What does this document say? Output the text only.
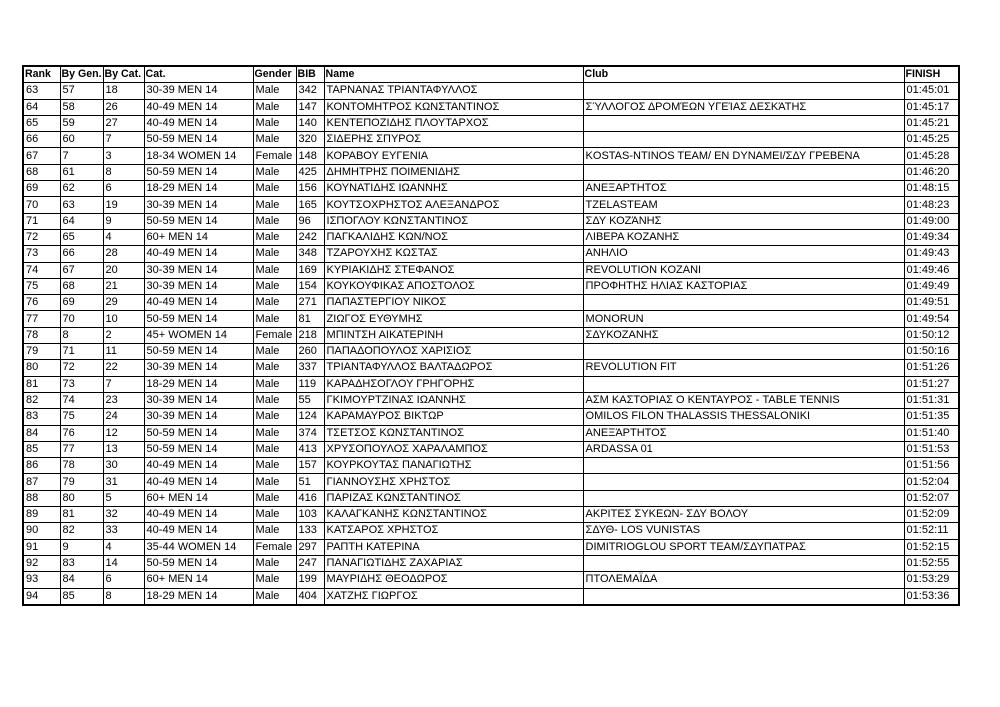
Rank	By Gen.	By Cat.	Cat.	Gender	BIB	Name	Club	FINISH
63	57	18	30-39 MEN 14	Male	342	ΤΑΡΝΑΝΑΣ ΤΡΙΑΝΤΑΦΥΛΛΟΣ		01:45:01
64	58	26	40-49 MEN 14	Male	147	ΚΟΝΤΟΜΗΤΡΟΣ ΚΩΝΣΤΑΝΤΙΝΟΣ	ΣΎΛΛΟΓΟΣ ΔΡΟΜΈΩΝ ΥΓΕΊΑΣ ΔΕΣΚΆΤΗΣ	01:45:17
65	59	27	40-49 MEN 14	Male	140	ΚΕΝΤΕΠΟΖΙΔΗΣ ΠΛΟΥΤΑΡΧΟΣ		01:45:21
66	60	7	50-59 MEN 14	Male	320	ΣΙΔΕΡΗΣ ΣΠΥΡΟΣ		01:45:25
67	7	3	18-34 WOMEN 14	Female	148	ΚΟΡΑΒΟΥ ΕΥΓΕΝΙΑ	KOSTAS-NTINOS TEAM/ EN DYNAMEI/ΣΔΥ ΓΡΕΒΕΝΑ	01:45:28
68	61	8	50-59 MEN 14	Male	425	ΔΗΜΗΤΡΗΣ ΠΟΙΜΕΝΙΔΗΣ		01:46:20
69	62	6	18-29 MEN 14	Male	156	ΚΟΥΝΑΤΙΔΗΣ ΙΩΑΝΝΗΣ	ΑΝΕΞΑΡΤΗΤΟΣ	01:48:15
70	63	19	30-39 MEN 14	Male	165	ΚΟΥΤΣΟΧΡΗΣΤΟΣ ΑΛΕΞΑΝΔΡΟΣ	TZELASTEAM	01:48:23
71	64	9	50-59 MEN 14	Male	96	ΙΣΠΟΓΛΟΥ ΚΩΝΣΤΑΝΤΙΝΟΣ	ΣΔΥ ΚΟΖΆΝΗΣ	01:49:00
72	65	4	60+ MEN 14	Male	242	ΠΑΓΚΑΛΙΔΗΣ ΚΩΝ/ΝΟΣ	ΛΙΒΕΡΑ ΚΟΖΑΝΗΣ	01:49:34
73	66	28	40-49 MEN 14	Male	348	ΤΖΑΡΟΥΧΗΣ ΚΩΣΤΑΣ	ΑΝΗΛΙΟ	01:49:43
74	67	20	30-39 MEN 14	Male	169	ΚΥΡΙΑΚΙΔΗΣ ΣΤΕΦΑΝΟΣ	REVOLUTION KOZANI	01:49:46
75	68	21	30-39 MEN 14	Male	154	ΚΟΥΚΟΥΦΙΚΑΣ ΑΠΟΣΤΟΛΟΣ	ΠΡΟΦΗΤΗΣ ΗΛΙΑΣ ΚΑΣΤΟΡΙΑΣ	01:49:49
76	69	29	40-49 MEN 14	Male	271	ΠΑΠΑΣΤΕΡΓΙΟΥ ΝΙΚΟΣ		01:49:51
77	70	10	50-59 MEN 14	Male	81	ΖΙΩΓΟΣ ΕΥΘΥΜΗΣ	MONORUN	01:49:54
78	8	2	45+ WOMEN 14	Female	218	ΜΠΙΝΤΣΗ ΑΙΚΑΤΕΡΙΝΗ	ΣΔΥΚΟΖΑΝΗΣ	01:50:12
79	71	11	50-59 MEN 14	Male	260	ΠΑΠΑΔΟΠΟΥΛΟΣ ΧΑΡΙΣΙΟΣ		01:50:16
80	72	22	30-39 MEN 14	Male	337	ΤΡΙΑΝΤΑΦΥΛΛΟΣ ΒΑΛΤΑΔΩΡΟΣ	REVOLUTION FIT	01:51:26
81	73	7	18-29 MEN 14	Male	119	ΚΑΡΑΔΗΣΟΓΛΟΥ ΓΡΗΓΟΡΗΣ		01:51:27
82	74	23	30-39 MEN 14	Male	55	ΓΚΙΜΟΥΡΤΖΙΝΑΣ ΙΩΑΝΝΗΣ	ΑΣΜ ΚΑΣΤΟΡΙΑΣ Ο ΚΕΝΤΑΥΡΟΣ - TABLE TENNIS	01:51:31
83	75	24	30-39 MEN 14	Male	124	ΚΑΡΑΜΑΥΡΟΣ ΒΙΚΤΩΡ	OMILOS FILON THALASSIS THESSALONIKI	01:51:35
84	76	12	50-59 MEN 14	Male	374	ΤΣΕΤΣΟΣ ΚΩΝΣΤΑΝΤΙΝΟΣ	ΑΝΕΞΆΡΤΗΤΟΣ	01:51:40
85	77	13	50-59 MEN 14	Male	413	ΧΡΥΣΟΠΟΥΛΟΣ ΧΑΡΑΛΑΜΠΟΣ	ARDASSA 01	01:51:53
86	78	30	40-49 MEN 14	Male	157	ΚΟΥΡΚΟΥΤΑΣ ΠΑΝΑΓΙΩΤΗΣ		01:51:56
87	79	31	40-49 MEN 14	Male	51	ΓΙΑΝΝΟΥΣΗΣ ΧΡΗΣΤΟΣ		01:52:04
88	80	5	60+ MEN 14	Male	416	ΠΑΡΙΖΑΣ ΚΩΝΣΤΑΝΤΙΝΟΣ		01:52:07
89	81	32	40-49 MEN 14	Male	103	ΚΑΛΑΓΚΑΝΗΣ ΚΩΝΣΤΑΝΤΙΝΟΣ	ΑΚΡΙΤΕΣ ΣΥΚΕΩΝ- ΣΔΥ ΒΟΛΟΥ	01:52:09
90	82	33	40-49 MEN 14	Male	133	ΚΑΤΣΑΡΟΣ ΧΡΗΣΤΟΣ	ΣΔΥΘ- LOS VUNISTAS	01:52:11
91	9	4	35-44 WOMEN 14	Female	297	ΡΑΠΤΗ ΚΑΤΕΡΙΝΑ	DIMITRIOGLOU SPORT TEAM/ΣΔΥΠΑΤΡΑΣ	01:52:15
92	83	14	50-59 MEN 14	Male	247	ΠΑΝΑΓΙΩΤΙΔΗΣ ΖΑΧΑΡΙΑΣ		01:52:55
93	84	6	60+ MEN 14	Male	199	ΜΑΥΡΙΔΗΣ ΘΕΟΔΩΡΟΣ	ΠΤΟΛΕΜΑΪΔΑ	01:53:29
94	85	8	18-29 MEN 14	Male	404	ΧΑΤΖΗΣ ΓΙΩΡΓΟΣ		01:53:36
